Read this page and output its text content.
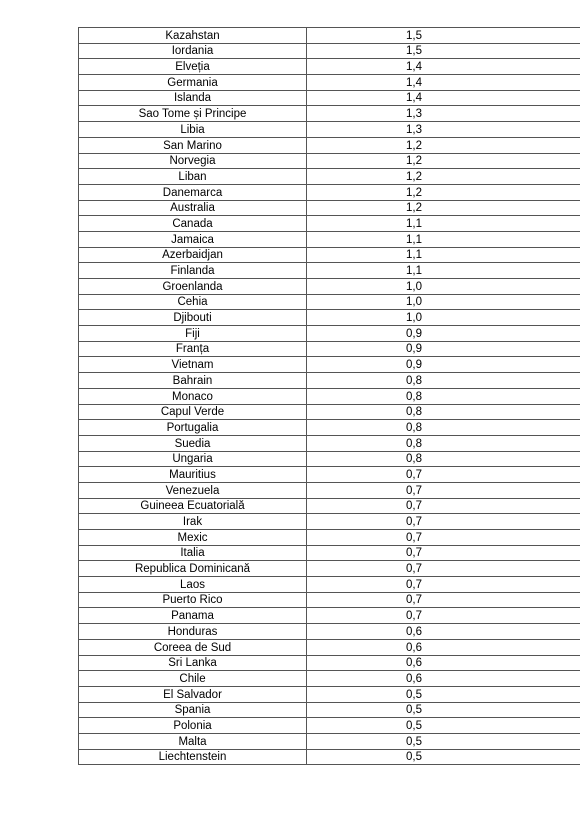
Kazahstan	1,5
Iordania	1,5
Elveția	1,4
Germania	1,4
Islanda	1,4
Sao Tome și Principe	1,3
Libia	1,3
San Marino	1,2
Norvegia	1,2
Liban	1,2
Danemarca	1,2
Australia	1,2
Canada	1,1
Jamaica	1,1
Azerbaidjan	1,1
Finlanda	1,1
Groenlanda	1,0
Cehia	1,0
Djibouti	1,0
Fiji	0,9
Franța	0,9
Vietnam	0,9
Bahrain	0,8
Monaco	0,8
Capul Verde	0,8
Portugalia	0,8
Suedia	0,8
Ungaria	0,8
Mauritius	0,7
Venezuela	0,7
Guineea Ecuatorială	0,7
Irak	0,7
Mexic	0,7
Italia	0,7
Republica Dominicană	0,7
Laos	0,7
Puerto Rico	0,7
Panama	0,7
Honduras	0,6
Coreea de Sud	0,6
Sri Lanka	0,6
Chile	0,6
El Salvador	0,5
Spania	0,5
Polonia	0,5
Malta	0,5
Liechtenstein	0,5
